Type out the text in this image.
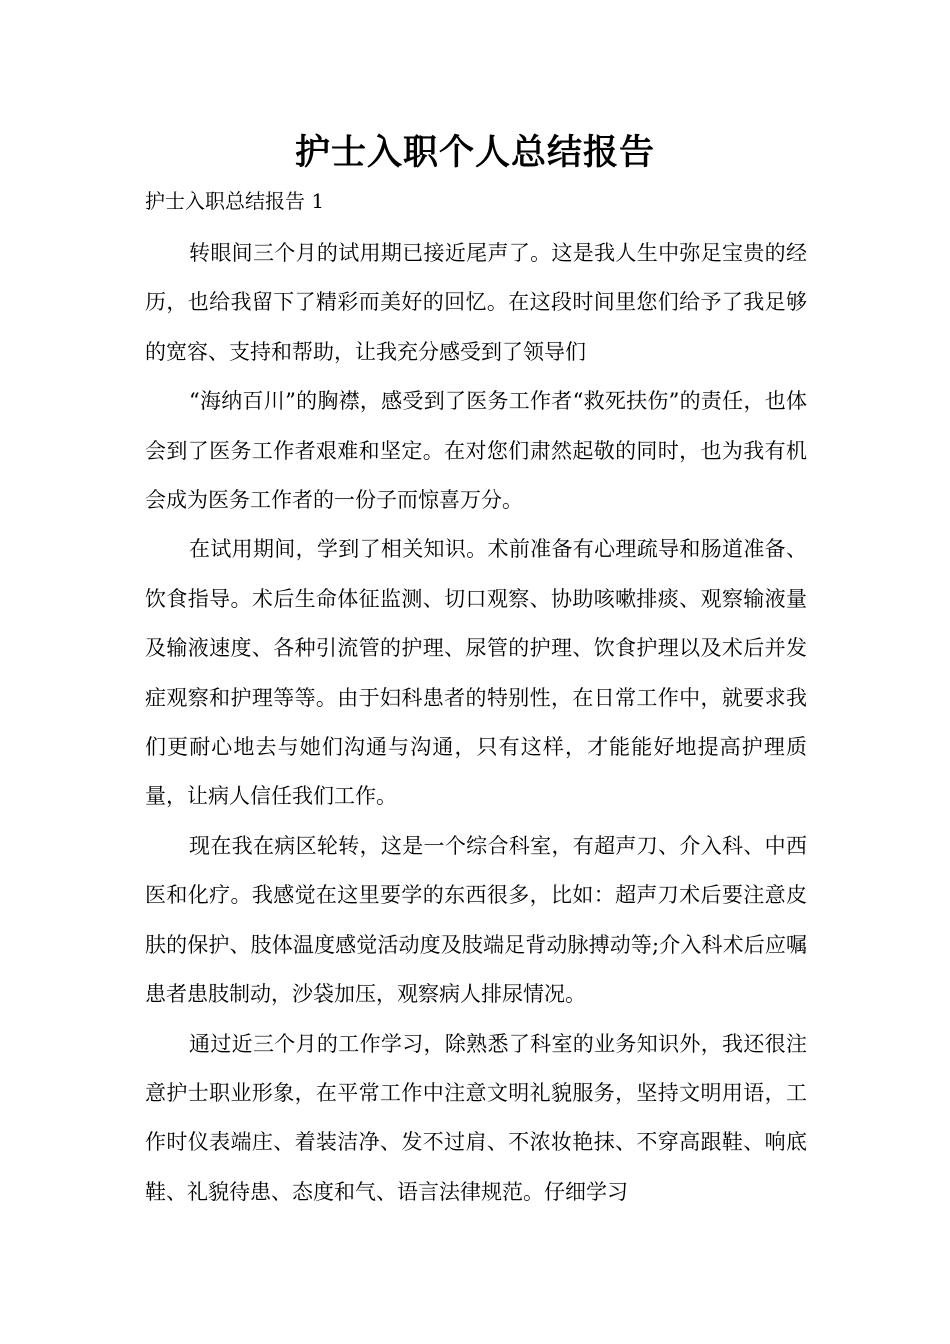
护士入职个人总结报告

护士入职总结报告 1

转眼间三个月的试用期已接近尾声了。这是我人生中弥足宝贵的经历，也给我留下了精彩而美好的回忆。在这段时间里您们给予了我足够的宽容、支持和帮助，让我充分感受到了领导们

“海纳百川”的胸襟，感受到了医务工作者“救死扶伤”的责任，也体会到了医务工作者艰难和坚定。在对您们肃然起敬的同时，也为我有机会成为医务工作者的一份子而惊喜万分。

在试用期间，学到了相关知识。术前准备有心理疏导和肠道准备、饮食指导。术后生命体征监测、切口观察、协助咳嗽排痰、观察输液量及输液速度、各种引流管的护理、尿管的护理、饮食护理以及术后并发症观察和护理等等。由于妇科患者的特别性，在日常工作中，就要求我们更耐心地去与她们沟通与沟通，只有这样，才能能好地提高护理质量，让病人信任我们工作。

现在我在病区轮转，这是一个综合科室，有超声刀、介入科、中西医和化疗。我感觉在这里要学的东西很多，比如：超声刀术后要注意皮肤的保护、肢体温度感觉活动度及肢端足背动脉搏动等;介入科术后应嘱患者患肢制动，沙袋加压，观察病人排尿情况。

通过近三个月的工作学习，除熟悉了科室的业务知识外，我还很注意护士职业形象，在平常工作中注意文明礼貌服务，坚持文明用语，工作时仪表端庄、着装洁净、发不过肩、不浓妆艳抹、不穿高跟鞋、响底鞋、礼貌待患、态度和气、语言法律规范。仔细学习
